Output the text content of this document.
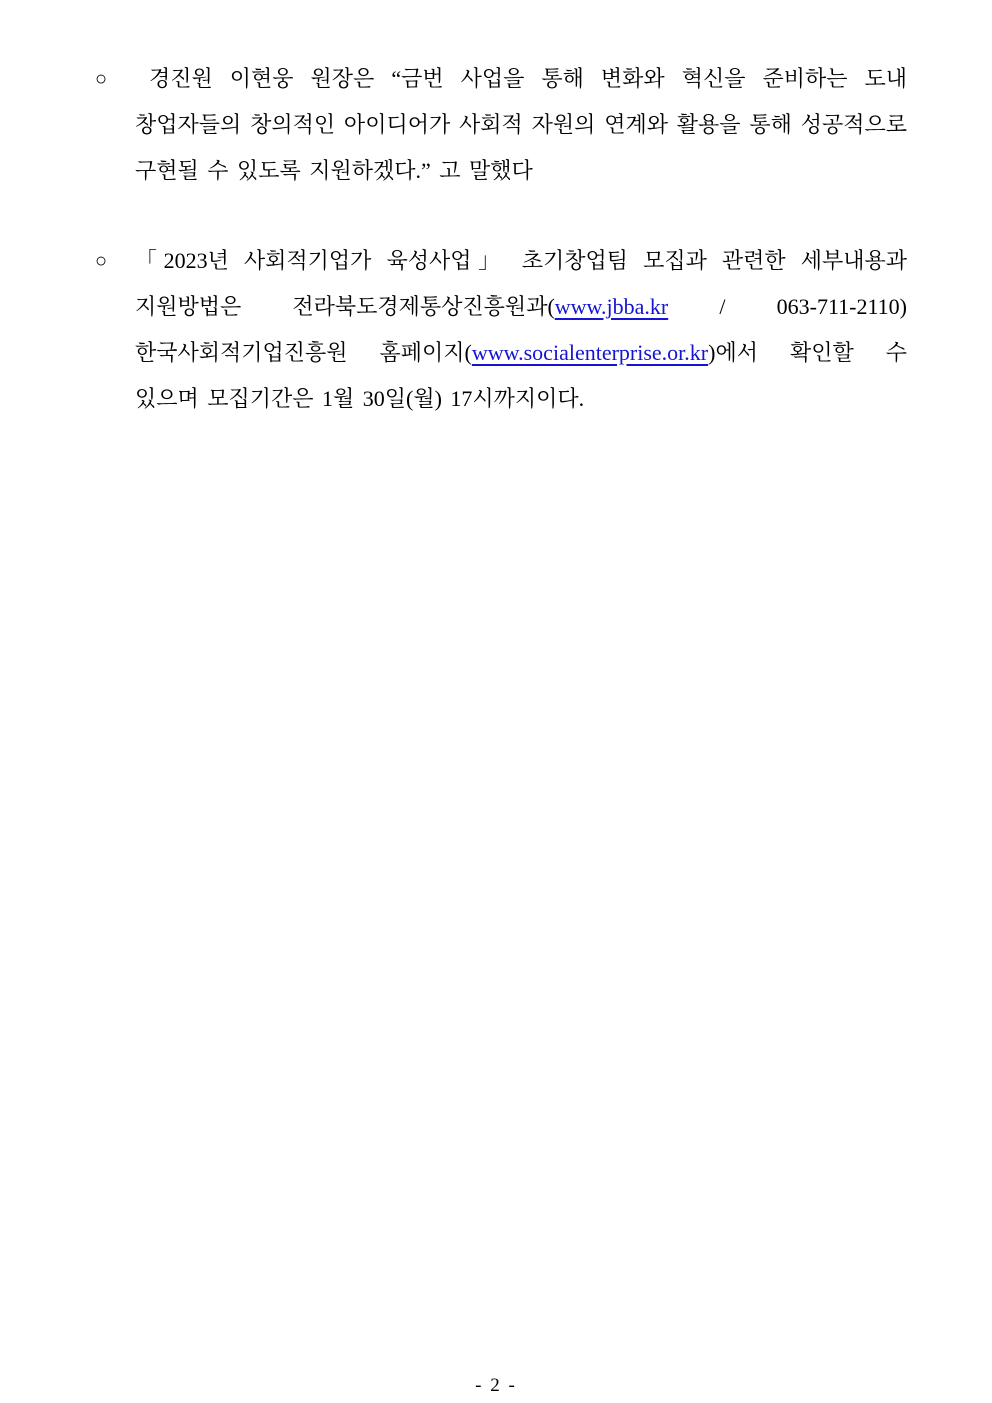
○	경진원 이현웅 원장은 “금번 사업을 통해 변화와 혁신을 준비하는 도내 창업자들의 창의적인 아이디어가 사회적 자원의 연계와 활용을 통해 성공적으로 구현될 수 있도록 지원하겠다.” 고 말했다
○	「2023년 사회적기업가 육성사업」 초기창업팀 모집과 관련한 세부내용과 지원방법은 전라북도경제통상진흥원과(www.jbba.kr / 063-711-2110) 한국사회적기업진흥원 홈페이지(www.socialenterprise.or.kr)에서 확인할 수 있으며 모집기간은 1월 30일(월) 17시까지이다.
- 2 -
